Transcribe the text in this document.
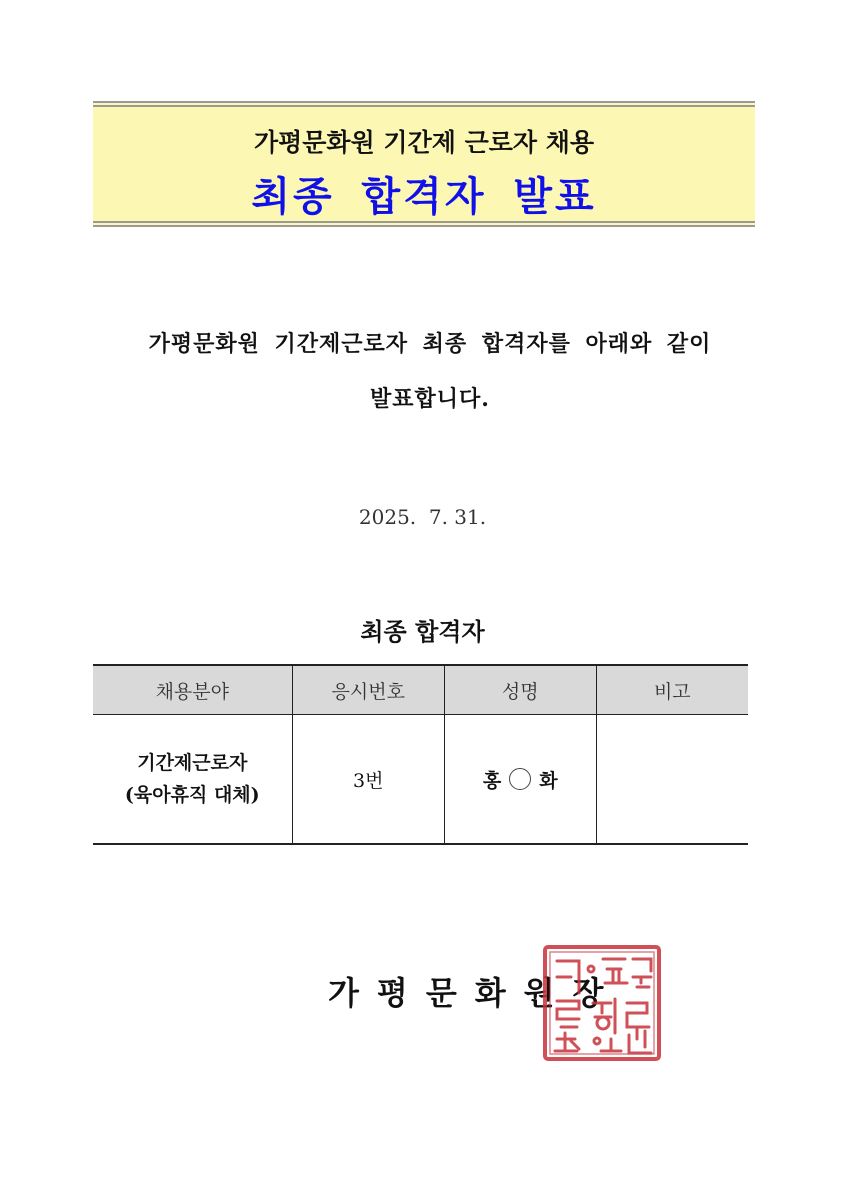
가평문화원 기간제 근로자 채용
최종 합격자 발표
가평문화원 기간제근로자 최종 합격자를 아래와 같이
발표합니다.
2025.  7. 31.
최종 합격자
채용분야	응시번호	성명	비고

기간제근로자
(육아휴직 대체)	3번	홍 화	
가평문화원장
